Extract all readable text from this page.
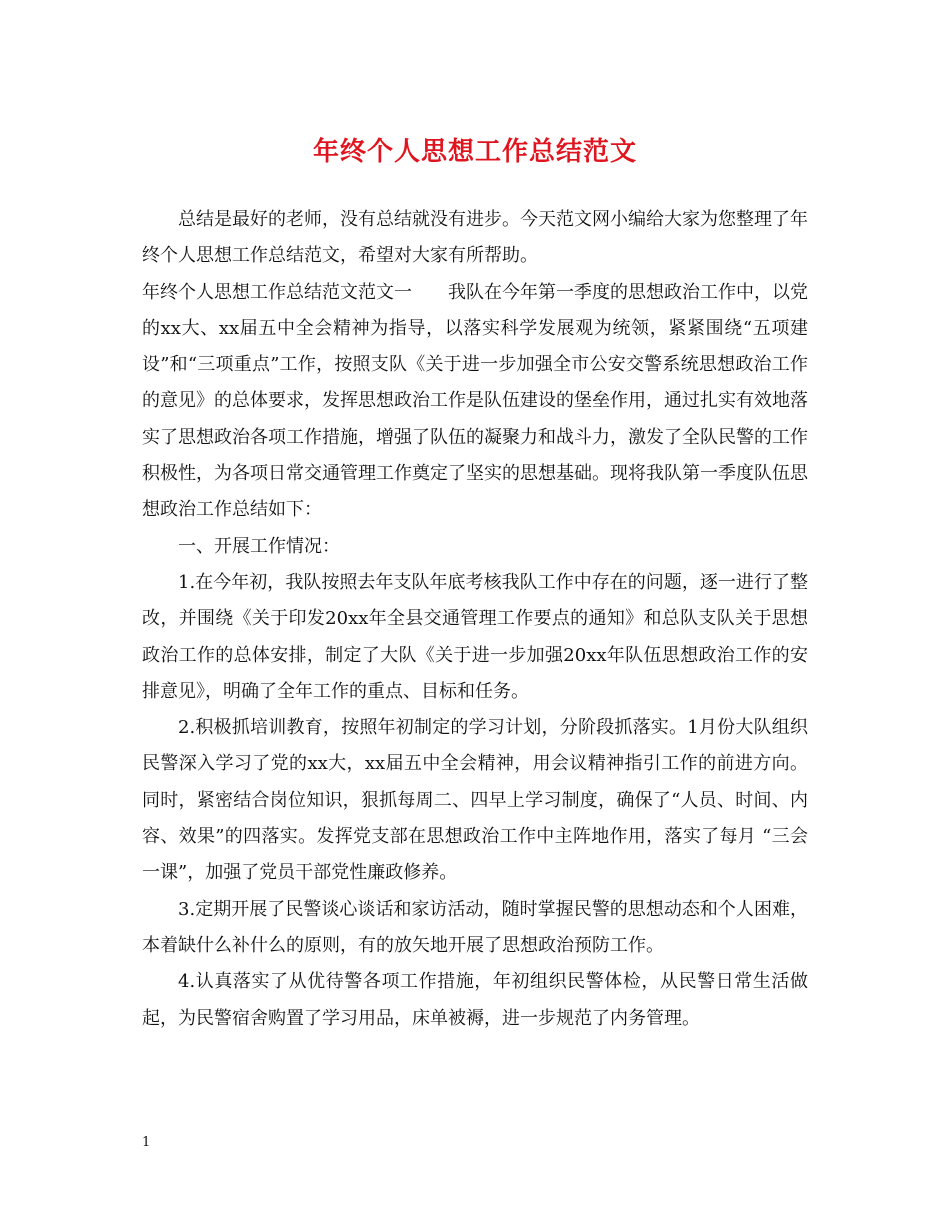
年终个人思想工作总结范文

总结是最好的老师，没有总结就没有进步。今天范文网小编给大家为您整理了年终个人思想工作总结范文，希望对大家有所帮助。

年终个人思想工作总结范文范文一　　我队在今年第一季度的思想政治工作中，以党的xx大、xx届五中全会精神为指导，以落实科学发展观为统领，紧紧围绕“五项建设”和“三项重点”工作，按照支队《关于进一步加强全市公安交警系统思想政治工作的意见》的总体要求，发挥思想政治工作是队伍建设的堡垒作用，通过扎实有效地落实了思想政治各项工作措施，增强了队伍的凝聚力和战斗力，激发了全队民警的工作积极性，为各项日常交通管理工作奠定了坚实的思想基础。现将我队第一季度队伍思想政治工作总结如下：

一、开展工作情况：

1.在今年初，我队按照去年支队年底考核我队工作中存在的问题，逐一进行了整改，并围绕《关于印发20xx年全县交通管理工作要点的通知》和总队支队关于思想政治工作的总体安排，制定了大队《关于进一步加强20xx年队伍思想政治工作的安排意见》，明确了全年工作的重点、目标和任务。

2.积极抓培训教育，按照年初制定的学习计划，分阶段抓落实。1月份大队组织民警深入学习了党的xx大，xx届五中全会精神，用会议精神指引工作的前进方向。同时，紧密结合岗位知识，狠抓每周二、四早上学习制度，确保了“人员、时间、内容、效果”的四落实。发挥党支部在思想政治工作中主阵地作用，落实了每月 “三会一课”，加强了党员干部党性廉政修养。

3.定期开展了民警谈心谈话和家访活动，随时掌握民警的思想动态和个人困难，本着缺什么补什么的原则，有的放矢地开展了思想政治预防工作。

4.认真落实了从优待警各项工作措施，年初组织民警体检，从民警日常生活做起，为民警宿舍购置了学习用品，床单被褥，进一步规范了内务管理。

1
